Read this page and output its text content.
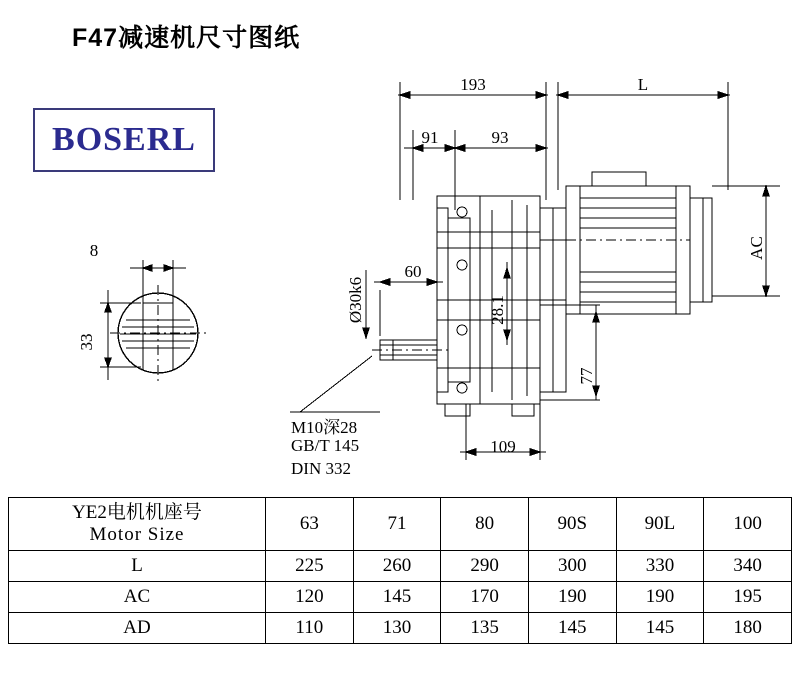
F47减速机尺寸图纸
BOSERL
193	L
91	93
60
109
Ø30k6	28.1
77
AC
8
33
M10深28
GB/T 145
DIN 332
YE2电机机座号
Motor Size	63	71	80	90S	90L	100
L	225	260	290	300	330	340
AC	120	145	170	190	190	195
AD	110	130	135	145	145	180
